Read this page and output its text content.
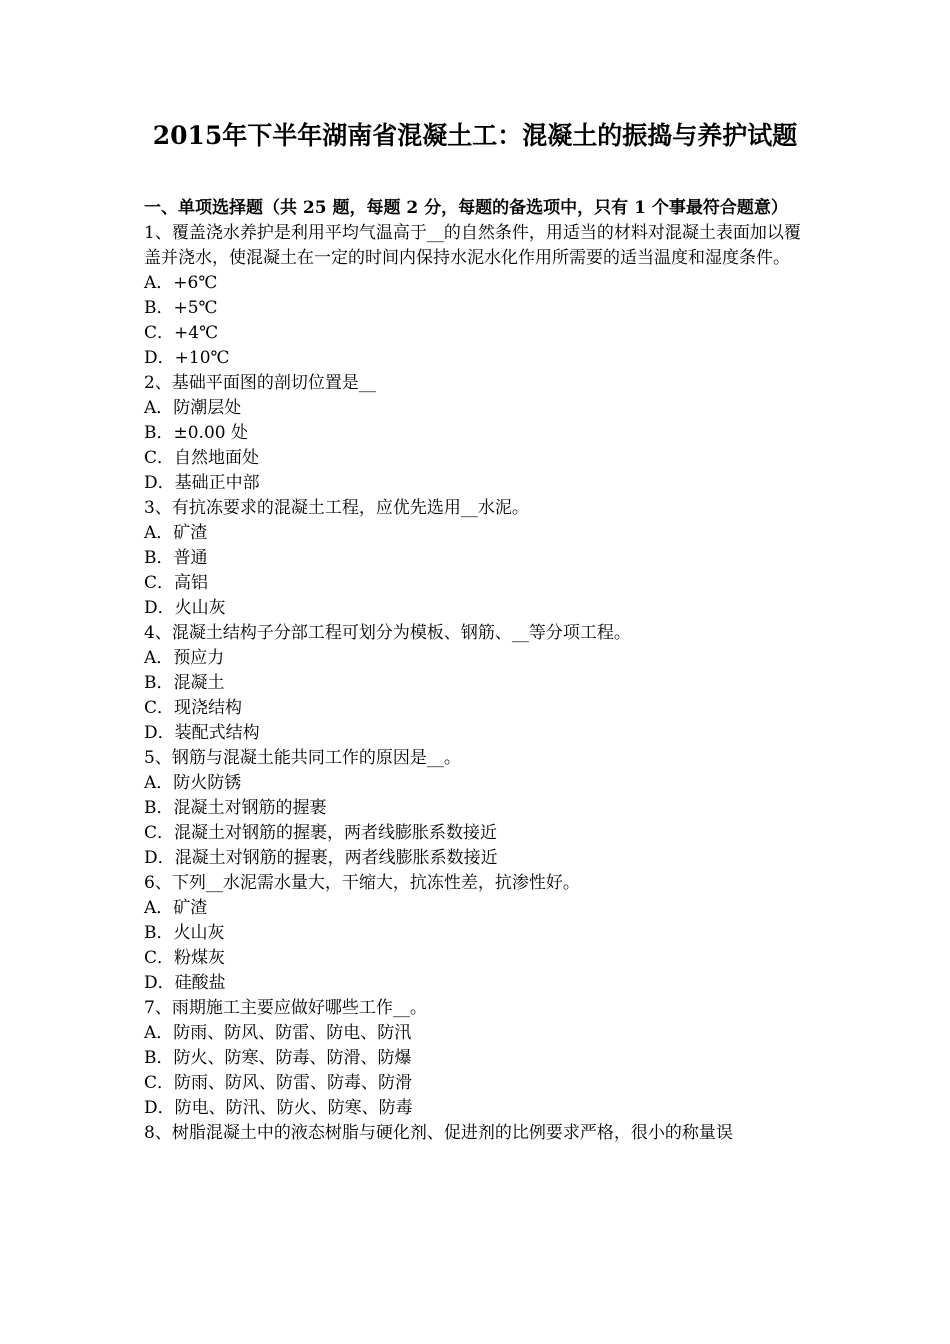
2015年下半年湖南省混凝土工：混凝土的振捣与养护试题

一、单项选择题（共 25 题，每题 2 分，每题的备选项中，只有 1 个事最符合题意）

1、覆盖浇水养护是利用平均气温高于__的自然条件，用适当的材料对混凝土表面加以覆盖并浇水，使混凝土在一定的时间内保持水泥水化作用所需要的适当温度和湿度条件。

A．+6℃

B．+5℃

C．+4℃

D．+10℃

2、基础平面图的剖切位置是__

A．防潮层处

B．±0.00 处

C．自然地面处

D．基础正中部

3、有抗冻要求的混凝土工程，应优先选用__水泥。

A．矿渣

B．普通

C．高铝

D．火山灰

4、混凝土结构子分部工程可划分为模板、钢筋、__等分项工程。

A．预应力

B．混凝土

C．现浇结构

D．装配式结构

5、钢筋与混凝土能共同工作的原因是__。

A．防火防锈

B．混凝土对钢筋的握裹

C．混凝土对钢筋的握裹，两者线膨胀系数接近

D．混凝土对钢筋的握裹，两者线膨胀系数接近

6、下列__水泥需水量大，干缩大，抗冻性差，抗渗性好。

A．矿渣

B．火山灰

C．粉煤灰

D．硅酸盐

7、雨期施工主要应做好哪些工作__。

A．防雨、防风、防雷、防电、防汛

B．防火、防寒、防毒、防滑、防爆

C．防雨、防风、防雷、防毒、防滑

D．防电、防汛、防火、防寒、防毒

8、树脂混凝土中的液态树脂与硬化剂、促进剂的比例要求严格，很小的称量误
